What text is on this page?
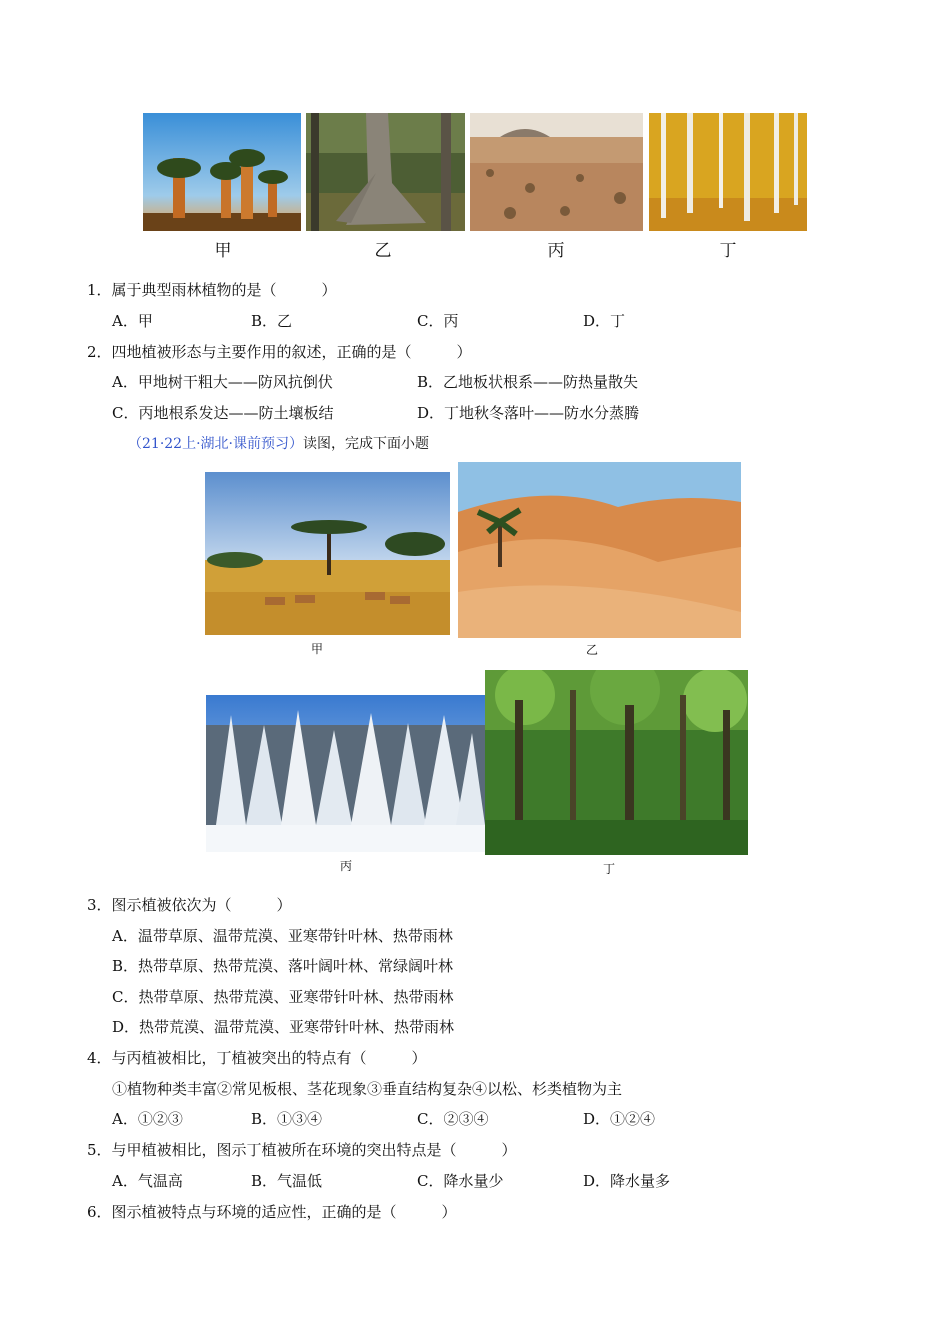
甲	乙	丙	丁
1．属于典型雨林植物的是（　　　）
A．甲	B．乙	C．丙	D．丁
2．四地植被形态与主要作用的叙述，正确的是（　　　）
A．甲地树干粗大——防风抗倒伏	B．乙地板状根系——防热量散失
C．丙地根系发达——防土壤板结	D．丁地秋冬落叶——防水分蒸腾
（21·22上·湖北·课前预习）读图，完成下面小题
甲	乙
丙	丁
3．图示植被依次为（　　　）
A．温带草原、温带荒漠、亚寒带针叶林、热带雨林
B．热带草原、热带荒漠、落叶阔叶林、常绿阔叶林
C．热带草原、热带荒漠、亚寒带针叶林、热带雨林
D．热带荒漠、温带荒漠、亚寒带针叶林、热带雨林
4．与丙植被相比，丁植被突出的特点有（　　　）
①植物种类丰富②常见板根、茎花现象③垂直结构复杂④以松、杉类植物为主
A．①②③	B．①③④	C．②③④	D．①②④
5．与甲植被相比，图示丁植被所在环境的突出特点是（　　　）
A．气温高	B．气温低	C．降水量少	D．降水量多
6．图示植被特点与环境的适应性，正确的是（　　　）
